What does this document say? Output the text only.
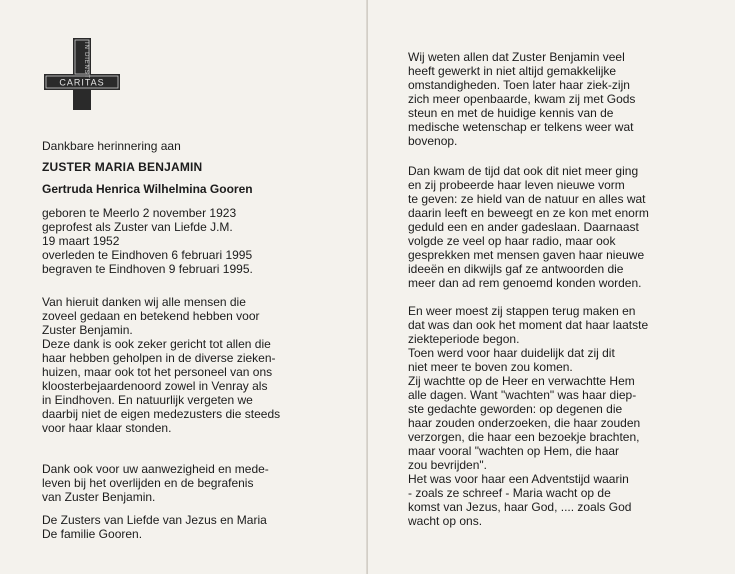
CARITAS
IN DIENST
Dankbare herinnering aan
ZUSTER MARIA BENJAMIN
Gertruda Henrica Wilhelmina Gooren
geboren te Meerlo 2 november 1923
geprofest als Zuster van Liefde J.M.
19 maart 1952
overleden te Eindhoven 6 februari 1995
begraven te Eindhoven 9 februari 1995.
Van hieruit danken wij alle mensen die
zoveel gedaan en betekend hebben voor
Zuster Benjamin.
Deze dank is ook zeker gericht tot allen die
haar hebben geholpen in de diverse zieken-
huizen, maar ook tot het personeel van ons
kloosterbejaardenoord zowel in Venray als
in Eindhoven. En natuurlijk vergeten we
daarbij niet de eigen medezusters die steeds
voor haar klaar stonden.
Dank ook voor uw aanwezigheid en mede-
leven bij het overlijden en de begrafenis
van Zuster Benjamin.
De Zusters van Liefde van Jezus en Maria
De familie Gooren.
Wij weten allen dat Zuster Benjamin veel
heeft gewerkt in niet altijd gemakkelijke
omstandigheden. Toen later haar ziek-zijn
zich meer openbaarde, kwam zij met Gods
steun en met de huidige kennis van de
medische wetenschap er telkens weer wat
bovenop.
Dan kwam de tijd dat ook dit niet meer ging
en zij probeerde haar leven nieuwe vorm
te geven: ze hield van de natuur en alles wat
daarin leeft en beweegt en ze kon met enorm
geduld een en ander gadeslaan. Daarnaast
volgde ze veel op haar radio, maar ook
gesprekken met mensen gaven haar nieuwe
ideeën en dikwijls gaf ze antwoorden die
meer dan ad rem genoemd konden worden.
En weer moest zij stappen terug maken en
dat was dan ook het moment dat haar laatste
ziekteperiode begon.
Toen werd voor haar duidelijk dat zij dit
niet meer te boven zou komen.
Zij wachtte op de Heer en verwachtte Hem
alle dagen. Want "wachten" was haar diep-
ste gedachte geworden: op degenen die
haar zouden onderzoeken, die haar zouden
verzorgen, die haar een bezoekje brachten,
maar vooral "wachten op Hem, die haar
zou bevrijden".
Het was voor haar een Adventstijd waarin
- zoals ze schreef - Maria wacht op de
komst van Jezus, haar God, .... zoals God
wacht op ons.
